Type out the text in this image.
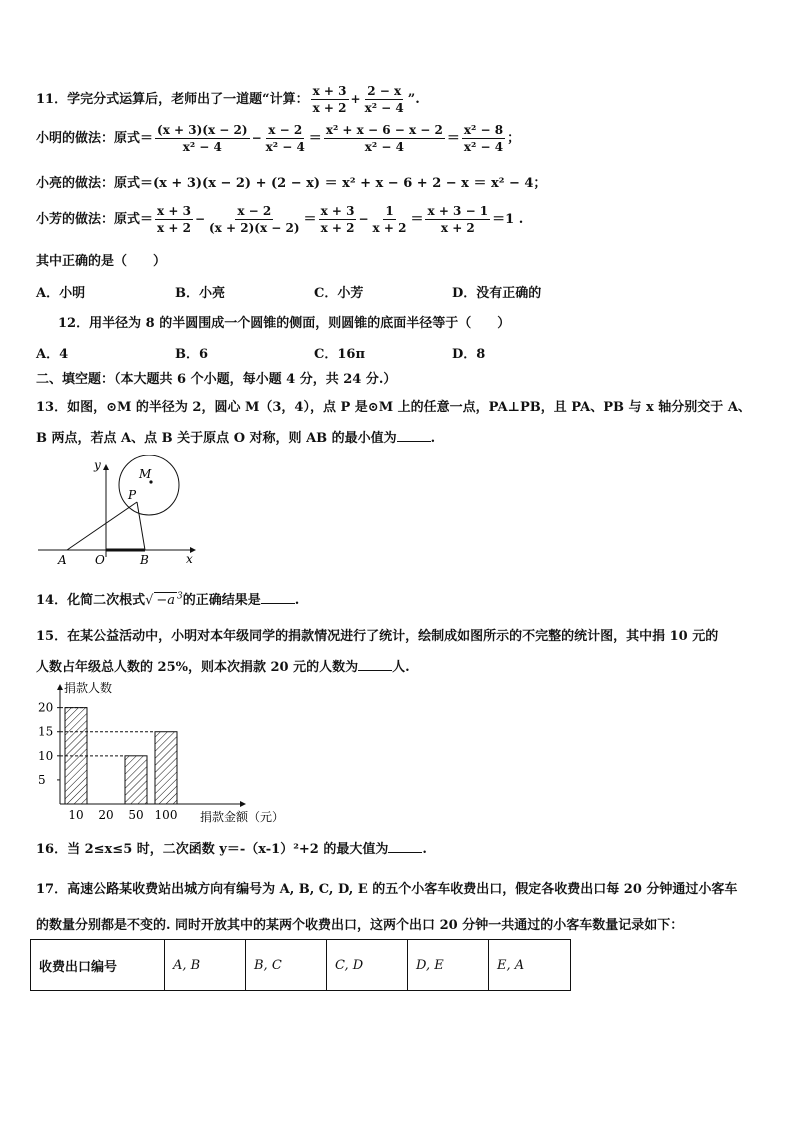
11．学完分式运算后，老师出了一道题“计算： $\frac{x + 3}{x + 2} + \frac{2 - x}{\text{x² − 4}}$ ”.
小明的做法：原式＝ $\frac{(x + 3)(x - 2)}{\text{x² − 4}} - \frac{x - 2}{\text{x² − 4}} = \frac{\text{x² + x − 6 − x − 2}}{\text{x² − 4}} = \frac{\text{x² − 8}}{\text{x² − 4}}$ ；
小亮的做法：原式＝(x + 3)(x − 2) + (2 − x) ＝ x² + x − 6 + 2 − x ＝ x² − 4；
小芳的做法：原式＝ $\frac{x + 3}{x + 2} - \frac{x - 2}{(x + 2)(x - 2)} = \frac{x + 3}{x + 2} - \frac{1}{x + 2} = \frac{x + 3 - 1}{x + 2} =1$ .
其中正确的是（　　）
A．小明	B．小亮	C．小芳	D．没有正确的
12．用半径为 8 的半圆围成一个圆锥的侧面，则圆锥的底面半径等于（　　）
A．4	B．6	C．16π	D．8
二、填空题：（本大题共 6 个小题，每小题 4 分，共 24 分.）
13．如图，⊙M 的半径为 2，圆心 M（3，4），点 P 是⊙M 上的任意一点，PA⊥PB，且 PA、PB 与 x 轴分别交于 A、
B 两点，若点 A、点 B 关于原点 O 对称，则 AB 的最小值为	.
y
x
M
P
A O	B
14．化简二次根式√ −a $^3$的正确结果是	.
15．在某公益活动中，小明对本年级同学的捐款情况进行了统计，绘制成如图所示的不完整的统计图，其中捐 10 元的
人数占年级总人数的 25%，则本次捐款 20 元的人数为	人.
捐款人数
捐款金额（元）
5
10
15
20
10 20 50 100
16．当 2≤x≤5 时，二次函数 y＝-（x-1）²+2 的最大值为	.
17．高速公路某收费站出城方向有编号为 A, B, C, D, E 的五个小客车收费出口，假定各收费出口每 20 分钟通过小客车
的数量分别都是不变的. 同时开放其中的某两个收费出口，这两个出口 20 分钟一共通过的小客车数量记录如下：
收费出口编号	A, B	B, C	C, D	D, E	E, A
